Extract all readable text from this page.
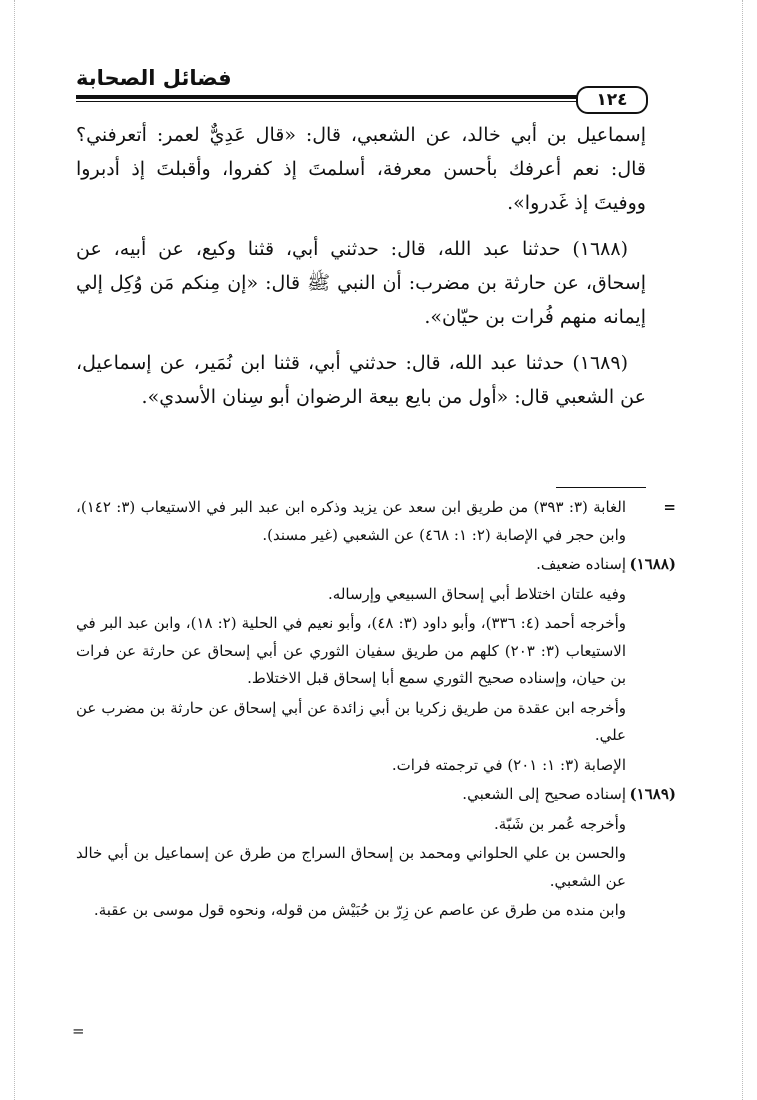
فضائل الصحابة
١٢٤

إسماعيل بن أبي خالد، عن الشعبي، قال: «قال عَدِيٌّ لعمر: أتعرفني؟ قال: نعم أعرفك بأحسن معرفة، أسلمتَ إذ كفروا، وأقبلتَ إذ أدبروا ووفيتَ إذ غَدروا».

(١٦٨٨) حدثنا عبد الله، قال: حدثني أبي، قثنا وكيع، عن أبيه، عن إسحاق، عن حارثة بن مضرب: أن النبي ﷺ قال: «إن مِنكم مَن وُكِل إلي إيمانه منهم فُرات بن حيّان».

(١٦٨٩) حدثنا عبد الله، قال: حدثني أبي، قثنا ابن نُمَير، عن إسماعيل، عن الشعبي قال: «أول من بايع بيعة الرضوان أبو سِنان الأسدي».

=
الغابة (٣: ٣٩٣) من طريق ابن سعد عن يزيد وذكره ابن عبد البر في الاستيعاب (٣: ١٤٢)، وابن حجر في الإصابة (٢: ١: ٤٦٨) عن الشعبي (غير مسند).
(١٦٨٨)
إسناده ضعيف.
وفيه علتان اختلاط أبي إسحاق السبيعي وإرساله.
وأخرجه أحمد (٤: ٣٣٦)، وأبو داود (٣: ٤٨)، وأبو نعيم في الحلية (٢: ١٨)، وابن عبد البر في الاستيعاب (٣: ٢٠٣) كلهم من طريق سفيان الثوري عن أبي إسحاق عن حارثة عن فرات بن حيان، وإسناده صحيح الثوري سمع أبا إسحاق قبل الاختلاط.
وأخرجه ابن عقدة من طريق زكريا بن أبي زائدة عن أبي إسحاق عن حارثة بن مضرب عن علي.
الإصابة (٣: ١: ٢٠١) في ترجمته فرات.
(١٦٨٩)
إسناده صحيح إلى الشعبي.
وأخرجه عُمر بن شَبّة.
والحسن بن علي الحلواني ومحمد بن إسحاق السراج من طرق عن إسماعيل بن أبي خالد عن الشعبي.
وابن منده من طرق عن عاصم عن زِرّ بن حُبَيْش من قوله، ونحوه قول موسى بن عقبة.
=
